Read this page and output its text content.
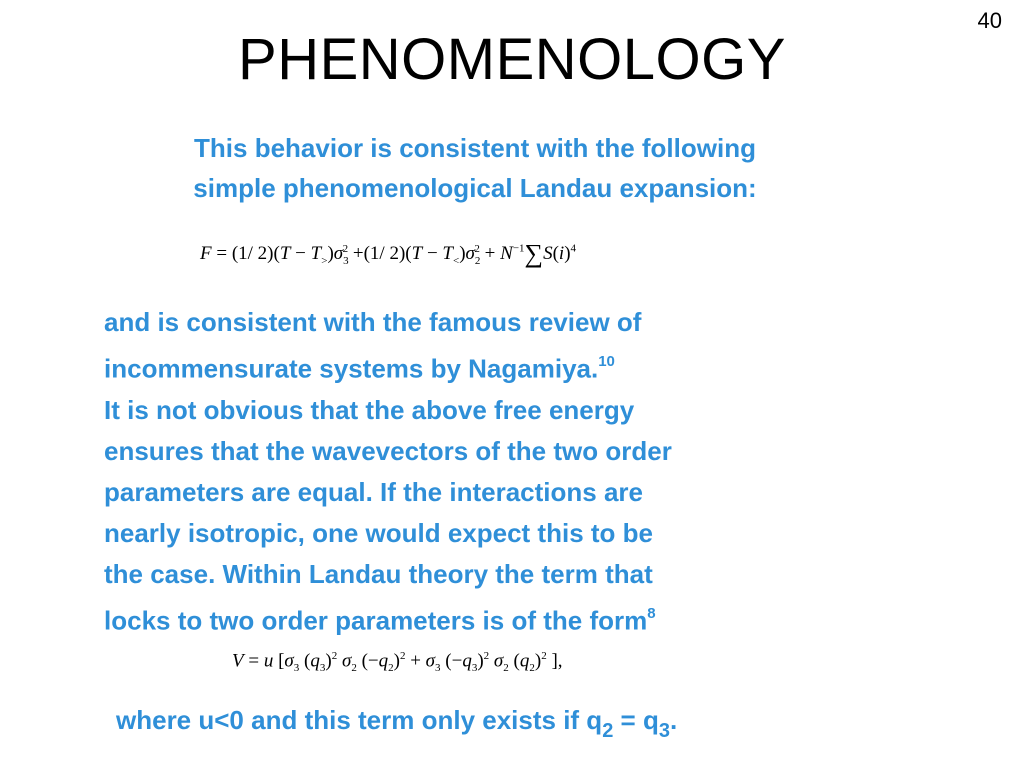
40
PHENOMENOLOGY
This behavior is consistent with the following
simple phenomenological Landau expansion:
F = (1/ $2)(T - T_>)\sigma_3^2 +(1/$ $2)(T - T_<)\sigma_2^2 + N^{-1}\sum S(i)^4$
and is consistent with the famous review of
incommensurate systems by Nagamiya.$^{10}$
It is not obvious that the above free energy
ensures that the wavevectors of the two order
parameters are equal. If the interactions are
nearly isotropic, one would expect this to be
the case. Within Landau theory the term that
locks to two order parameters is of the form$^8$
V = u [$\sigma_3$ $(q_3)^2$ $\sigma_2$ $(-q_2)^2 + \sigma_3$ $(-q_3)^2$ $\sigma_2$ $(q_2)^2$ ],
where u<0 and this term only exists if $q_2 = q_3$.
